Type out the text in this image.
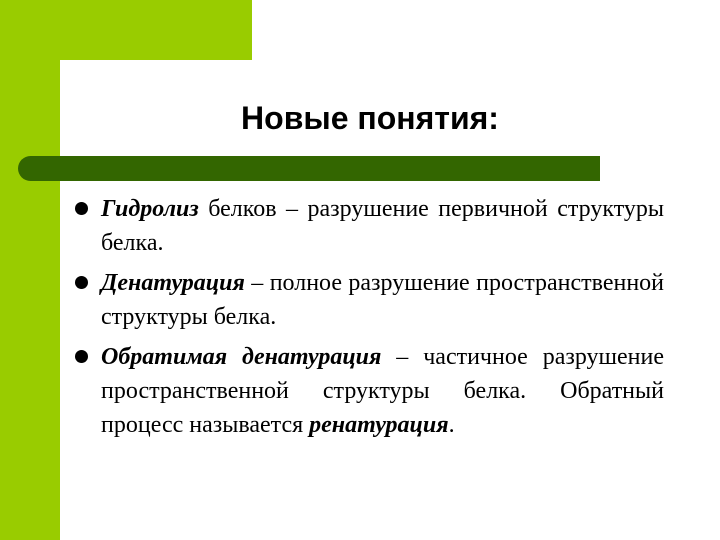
Новые понятия:
Гидролиз белков – разрушение первичной структуры белка.
Денатурация – полное разрушение пространственной структуры белка.
Обратимая денатурация – частичное разрушение пространственной структуры белка. Обратный процесс называется ренатурация.
